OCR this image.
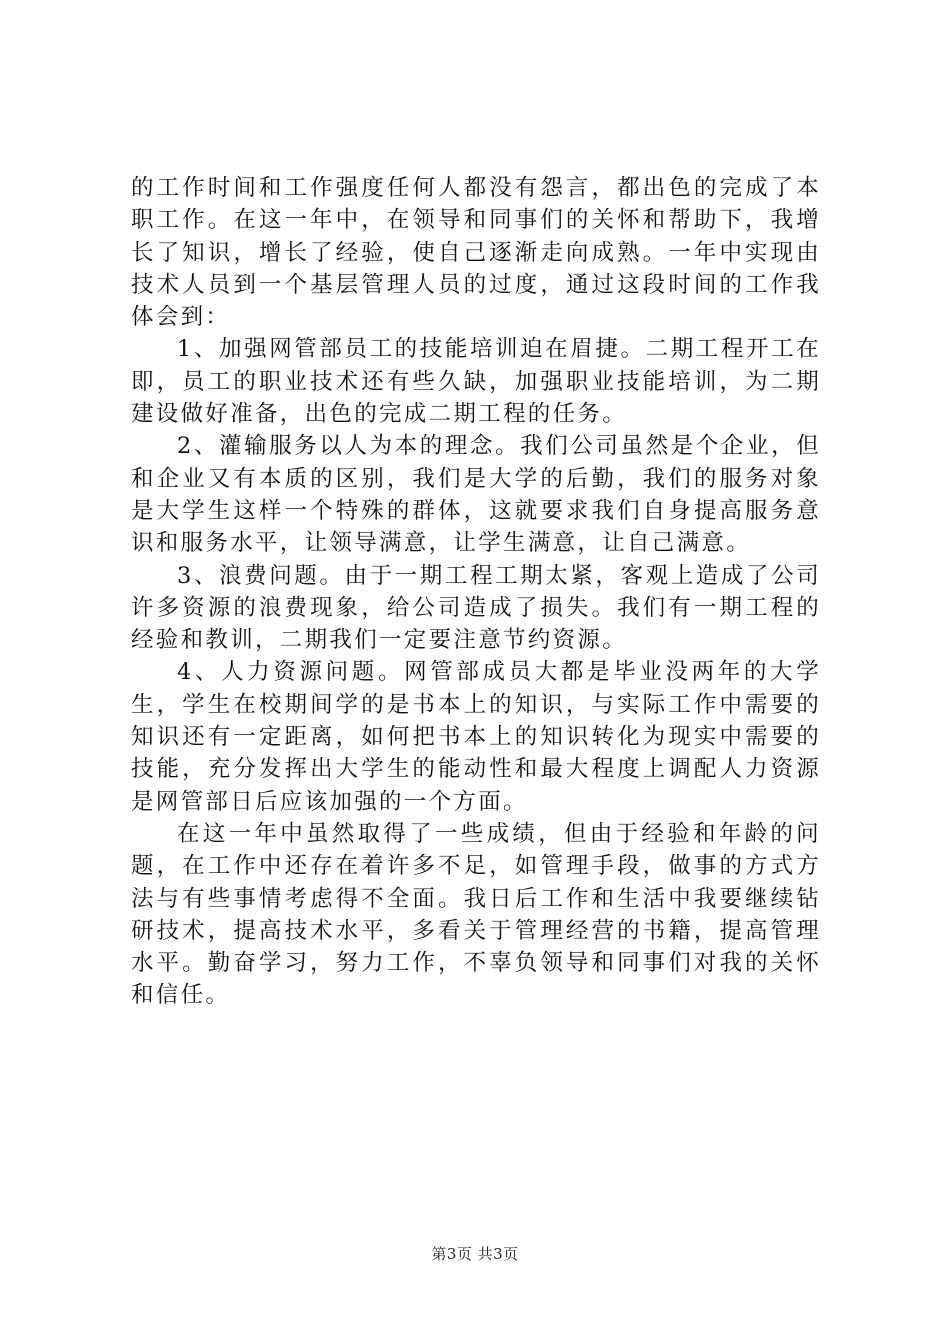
的工作时间和工作强度任何人都没有怨言，都出色的完成了本职工作。在这一年中，在领导和同事们的关怀和帮助下，我增长了知识，增长了经验，使自己逐渐走向成熟。一年中实现由技术人员到一个基层管理人员的过度，通过这段时间的工作我体会到：

1、加强网管部员工的技能培训迫在眉捷。二期工程开工在即，员工的职业技术还有些久缺，加强职业技能培训，为二期建设做好准备，出色的完成二期工程的任务。

2、灌输服务以人为本的理念。我们公司虽然是个企业，但和企业又有本质的区别，我们是大学的后勤，我们的服务对象是大学生这样一个特殊的群体，这就要求我们自身提高服务意识和服务水平，让领导满意，让学生满意，让自己满意。

3、浪费问题。由于一期工程工期太紧，客观上造成了公司许多资源的浪费现象，给公司造成了损失。我们有一期工程的经验和教训，二期我们一定要注意节约资源。

4、人力资源问题。网管部成员大都是毕业没两年的大学生，学生在校期间学的是书本上的知识，与实际工作中需要的知识还有一定距离，如何把书本上的知识转化为现实中需要的技能，充分发挥出大学生的能动性和最大程度上调配人力资源是网管部日后应该加强的一个方面。

在这一年中虽然取得了一些成绩，但由于经验和年龄的问题，在工作中还存在着许多不足，如管理手段，做事的方式方法与有些事情考虑得不全面。我日后工作和生活中我要继续钻研技术，提高技术水平，多看关于管理经营的书籍，提高管理水平。勤奋学习，努力工作，不辜负领导和同事们对我的关怀和信任。

第3页 共3页
